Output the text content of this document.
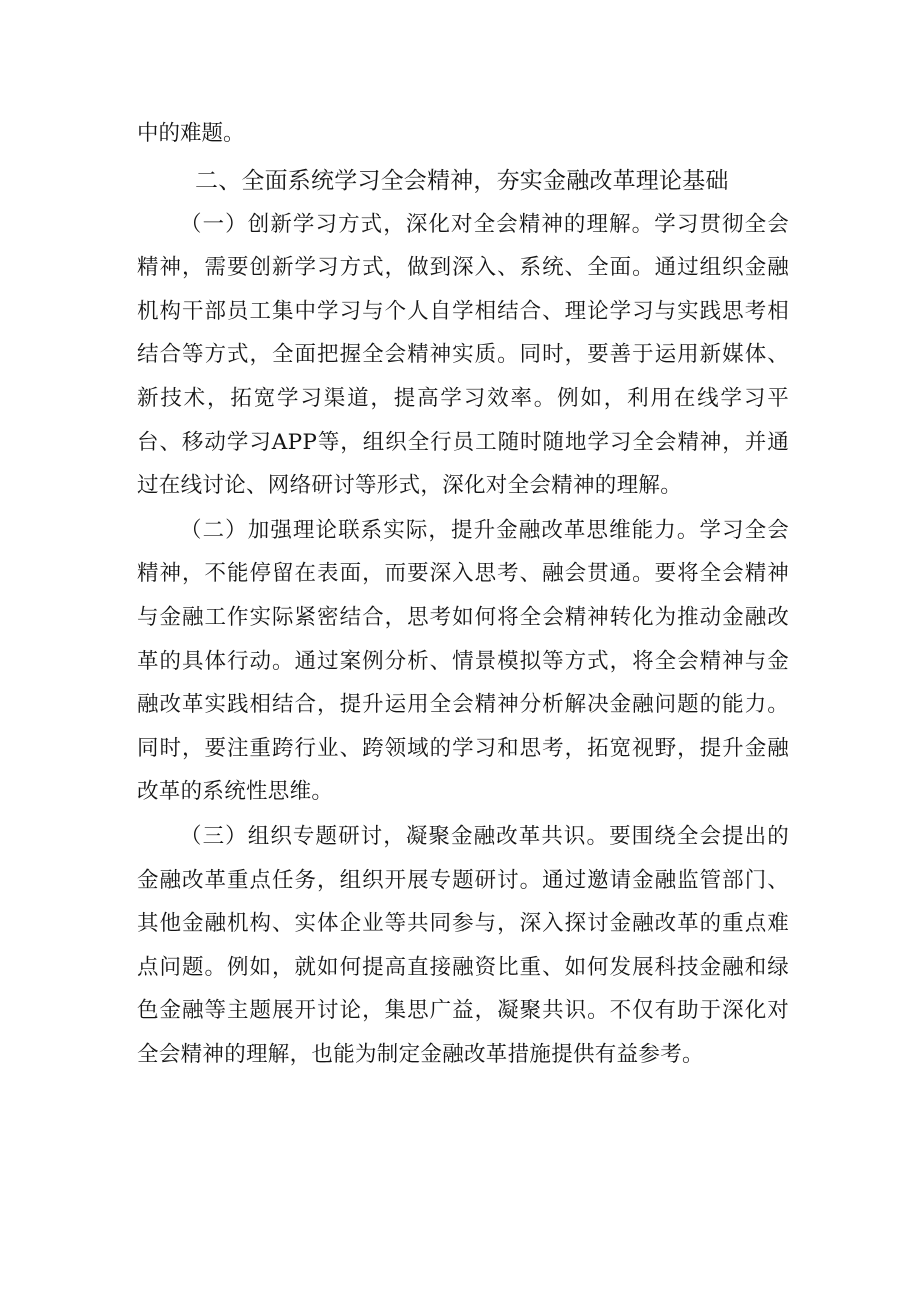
中的难题。

二、全面系统学习全会精神，夯实金融改革理论基础

（一）创新学习方式，深化对全会精神的理解。学习贯彻全会精神，需要创新学习方式，做到深入、系统、全面。通过组织金融机构干部员工集中学习与个人自学相结合、理论学习与实践思考相结合等方式，全面把握全会精神实质。同时，要善于运用新媒体、新技术，拓宽学习渠道，提高学习效率。例如，利用在线学习平台、移动学习APP等，组织全行员工随时随地学习全会精神，并通过在线讨论、网络研讨等形式，深化对全会精神的理解。

（二）加强理论联系实际，提升金融改革思维能力。学习全会精神，不能停留在表面，而要深入思考、融会贯通。要将全会精神与金融工作实际紧密结合，思考如何将全会精神转化为推动金融改革的具体行动。通过案例分析、情景模拟等方式，将全会精神与金融改革实践相结合，提升运用全会精神分析解决金融问题的能力。同时，要注重跨行业、跨领域的学习和思考，拓宽视野，提升金融改革的系统性思维。

（三）组织专题研讨，凝聚金融改革共识。要围绕全会提出的金融改革重点任务，组织开展专题研讨。通过邀请金融监管部门、其他金融机构、实体企业等共同参与，深入探讨金融改革的重点难点问题。例如，就如何提高直接融资比重、如何发展科技金融和绿色金融等主题展开讨论，集思广益，凝聚共识。不仅有助于深化对全会精神的理解，也能为制定金融改革措施提供有益参考。
